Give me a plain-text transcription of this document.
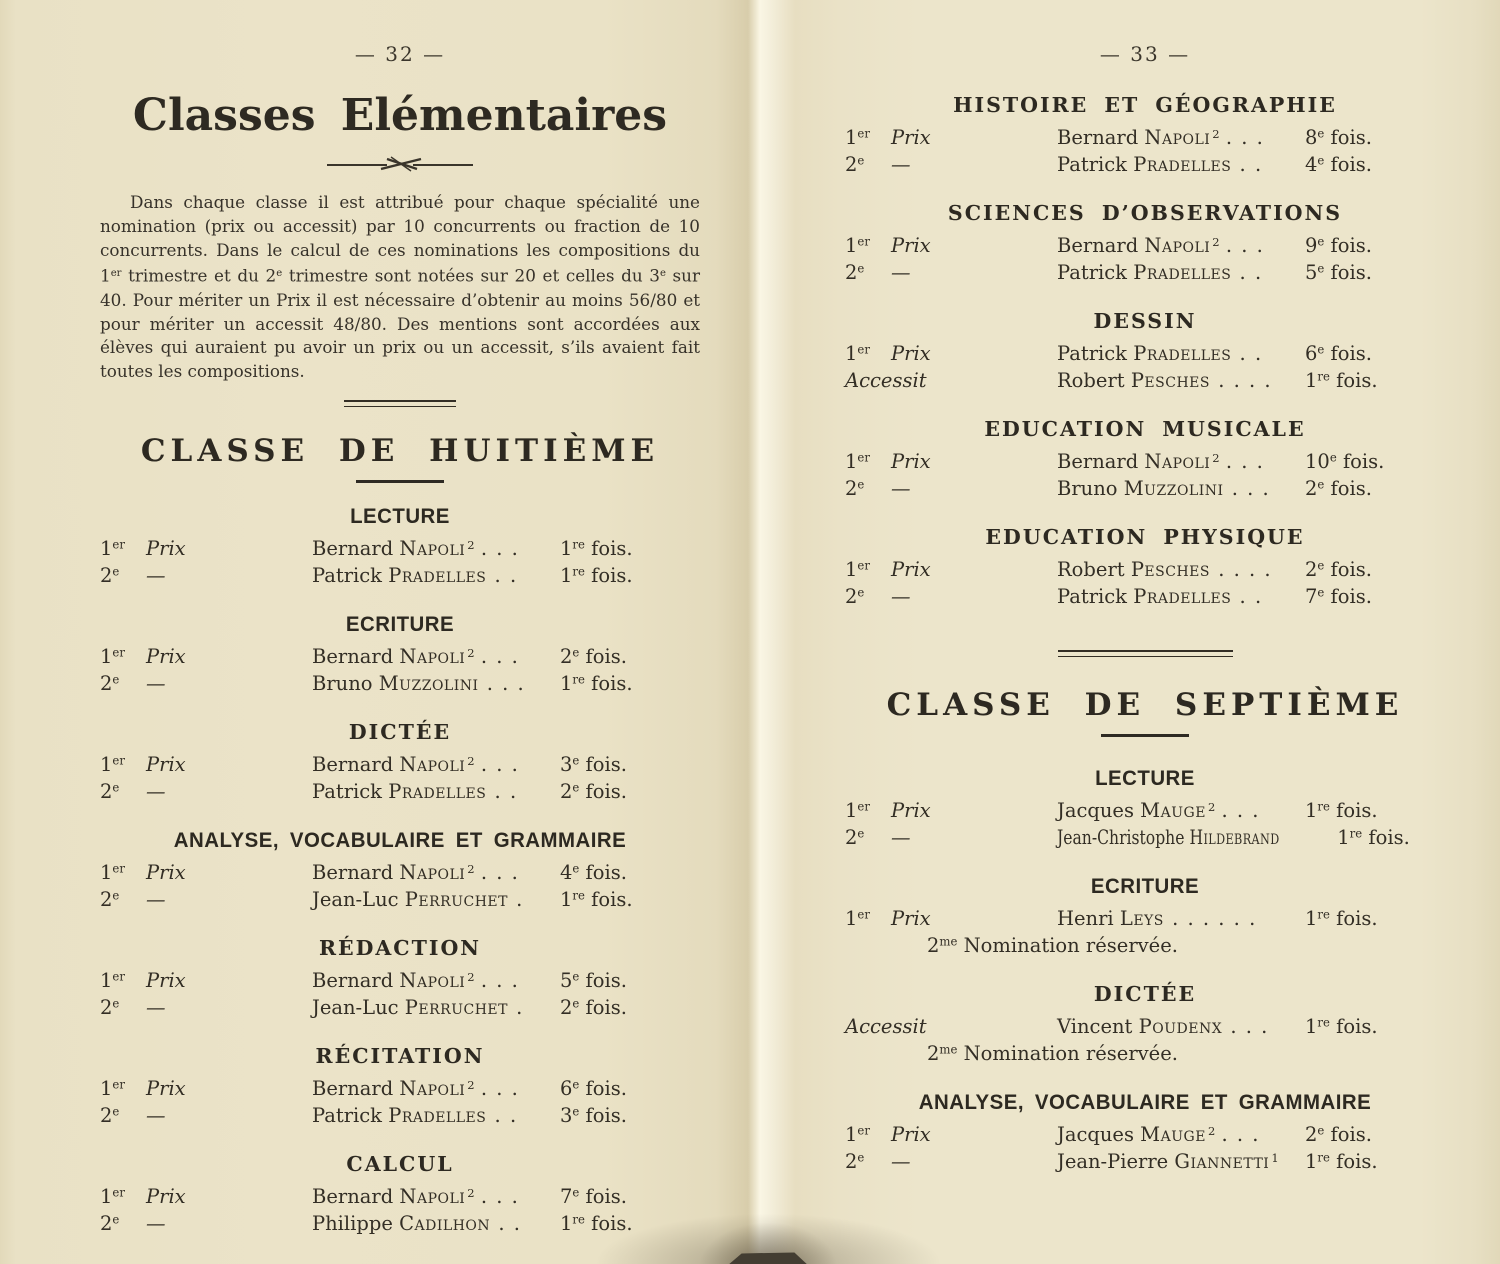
— 32 —
Classes Elémentaires

Dans chaque classe il est attribué pour chaque spécialité une nomination (prix ou accessit) par 10 concurrents ou fraction de 10 concurrents. Dans le calcul de ces nominations les compositions du 1er trimestre et du 2e trimestre sont notées sur 20 et celles du 3e sur 40. Pour mériter un Prix il est nécessaire d’obtenir au moins 56/80 et pour mériter un accessit 48/80. Des mentions sont accordées aux élèves qui auraient pu avoir un prix ou un accessit, s’ils avaient fait toutes les compositions.

CLASSE DE HUITIÈME
LECTURE
1er Prix	Bernard Napoli $^2$ . . .	1re fois.
2e —	Patrick Pradelles . .	1re fois.
ECRITURE
1er Prix	Bernard Napoli $^2$ . . .	2e fois.
2e —	Bruno Muzzolini . . .	1re fois.
DICTÉE
1er Prix	Bernard Napoli $^2$ . . .	3e fois.
2e —	Patrick Pradelles . .	2e fois.
ANALYSE, VOCABULAIRE ET GRAMMAIRE
1er Prix	Bernard Napoli $^2$ . . .	4e fois.
2e —	Jean-Luc Perruchet .	1re fois.
RÉDACTION
1er Prix	Bernard Napoli $^2$ . . .	5e fois.
2e —	Jean-Luc Perruchet .	2e fois.
RÉCITATION
1er Prix	Bernard Napoli $^2$ . . .	6e fois.
2e —	Patrick Pradelles . .	3e fois.
CALCUL
1er Prix	Bernard Napoli $^2$ . . .	7e fois.
2e —	Philippe Cadilhon . .	1re fois.
— 33 —
HISTOIRE ET GÉOGRAPHIE
1er Prix	Bernard Napoli $^2$ . . .	8e fois.
2e —	Patrick Pradelles . .	4e fois.
SCIENCES D’OBSERVATIONS
1er Prix	Bernard Napoli $^2$ . . .	9e fois.
2e —	Patrick Pradelles . .	5e fois.
DESSIN
1er Prix	Patrick Pradelles . .	6e fois.
Accessit	Robert Pesches . . . .	1re fois.
EDUCATION MUSICALE
1er Prix	Bernard Napoli $^2$ . . .	10e fois.
2e —	Bruno Muzzolini . . .	2e fois.
EDUCATION PHYSIQUE
1er Prix	Robert Pesches . . . .	2e fois.
2e —	Patrick Pradelles . .	7e fois.
CLASSE DE SEPTIÈME
LECTURE
1er Prix	Jacques Mauge $^2$ . . .	1re fois.
2e —	Jean-Christophe Hildebrand	1re fois.
ECRITURE
1er Prix	Henri Leys . . . . . .	1re fois.
$2^{me}$ Nomination réservée.
DICTÉE
Accessit	Vincent Poudenx . . .	1re fois.
$2^{me}$ Nomination réservée.
ANALYSE, VOCABULAIRE ET GRAMMAIRE
1er Prix	Jacques Mauge $^2$ . . .	2e fois.
2e —	Jean-Pierre Giannetti $^1$	1re fois.
